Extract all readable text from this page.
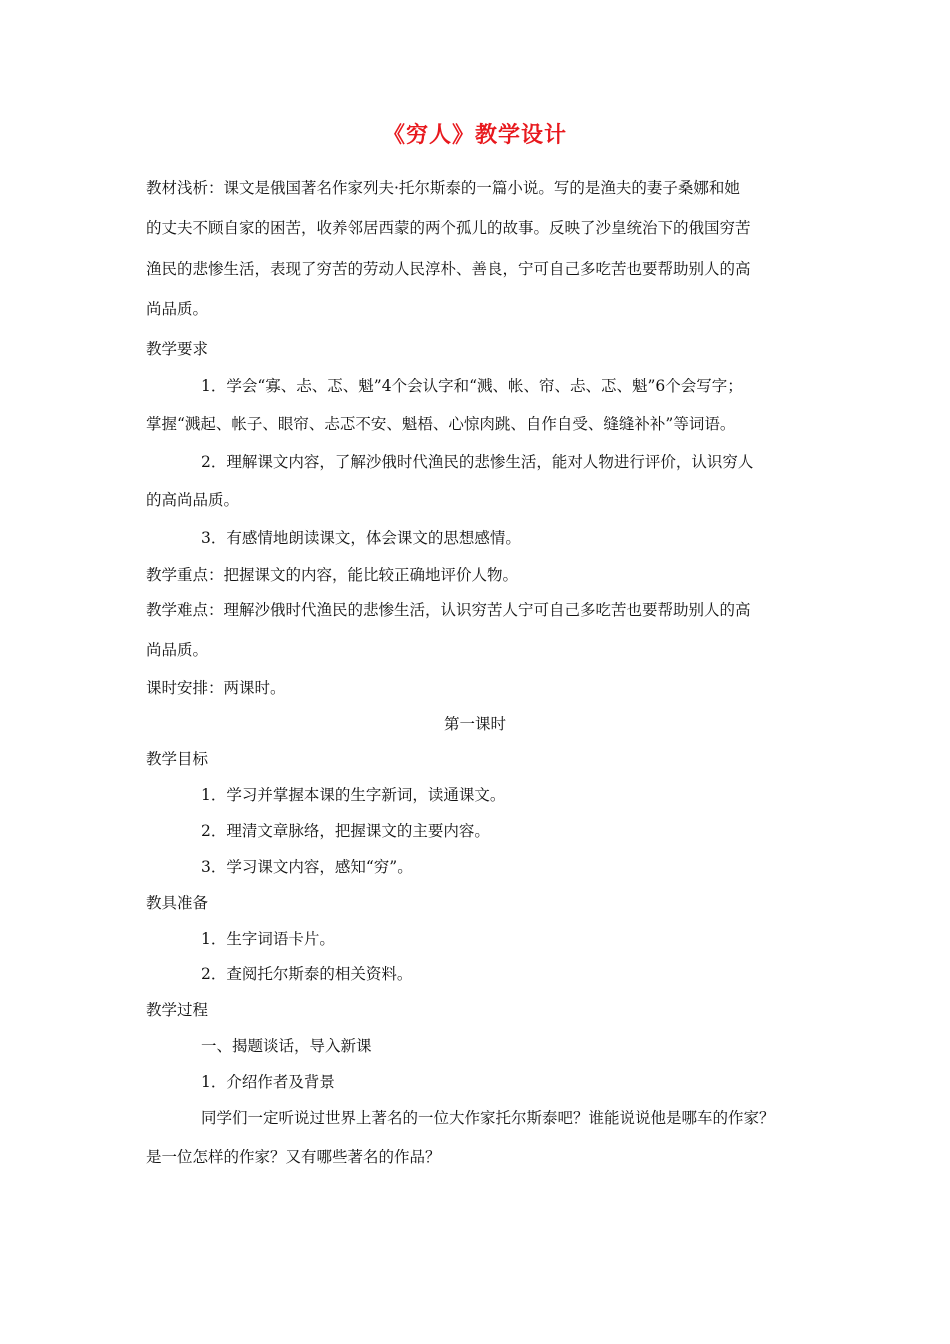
《穷人》教学设计
教材浅析：课文是俄国著名作家列夫·托尔斯泰的一篇小说。写的是渔夫的妻子桑娜和她
的丈夫不顾自家的困苦，收养邻居西蒙的两个孤儿的故事。反映了沙皇统治下的俄国穷苦
渔民的悲惨生活，表现了穷苦的劳动人民淳朴、善良，宁可自己多吃苦也要帮助别人的高
尚品质。
教学要求
1．学会“寡、忐、忑、魁”4个会认字和“溅、帐、帘、忐、忑、魁”6个会写字；
掌握“溅起、帐子、眼帘、忐忑不安、魁梧、心惊肉跳、自作自受、缝缝补补”等词语。
2．理解课文内容，了解沙俄时代渔民的悲惨生活，能对人物进行评价，认识穷人
的高尚品质。
3．有感情地朗读课文，体会课文的思想感情。
教学重点：把握课文的内容，能比较正确地评价人物。
教学难点：理解沙俄时代渔民的悲惨生活，认识穷苦人宁可自己多吃苦也要帮助别人的高
尚品质。
课时安排：两课时。
第一课时
教学目标
1．学习并掌握本课的生字新词，读通课文。
2．理清文章脉络，把握课文的主要内容。
3．学习课文内容，感知“穷”。
教具准备
1．生字词语卡片。
2．查阅托尔斯泰的相关资料。
教学过程
一、揭题谈话，导入新课
1．介绍作者及背景
同学们一定听说过世界上著名的一位大作家托尔斯泰吧？谁能说说他是哪车的作家？
是一位怎样的作家？又有哪些著名的作品？
